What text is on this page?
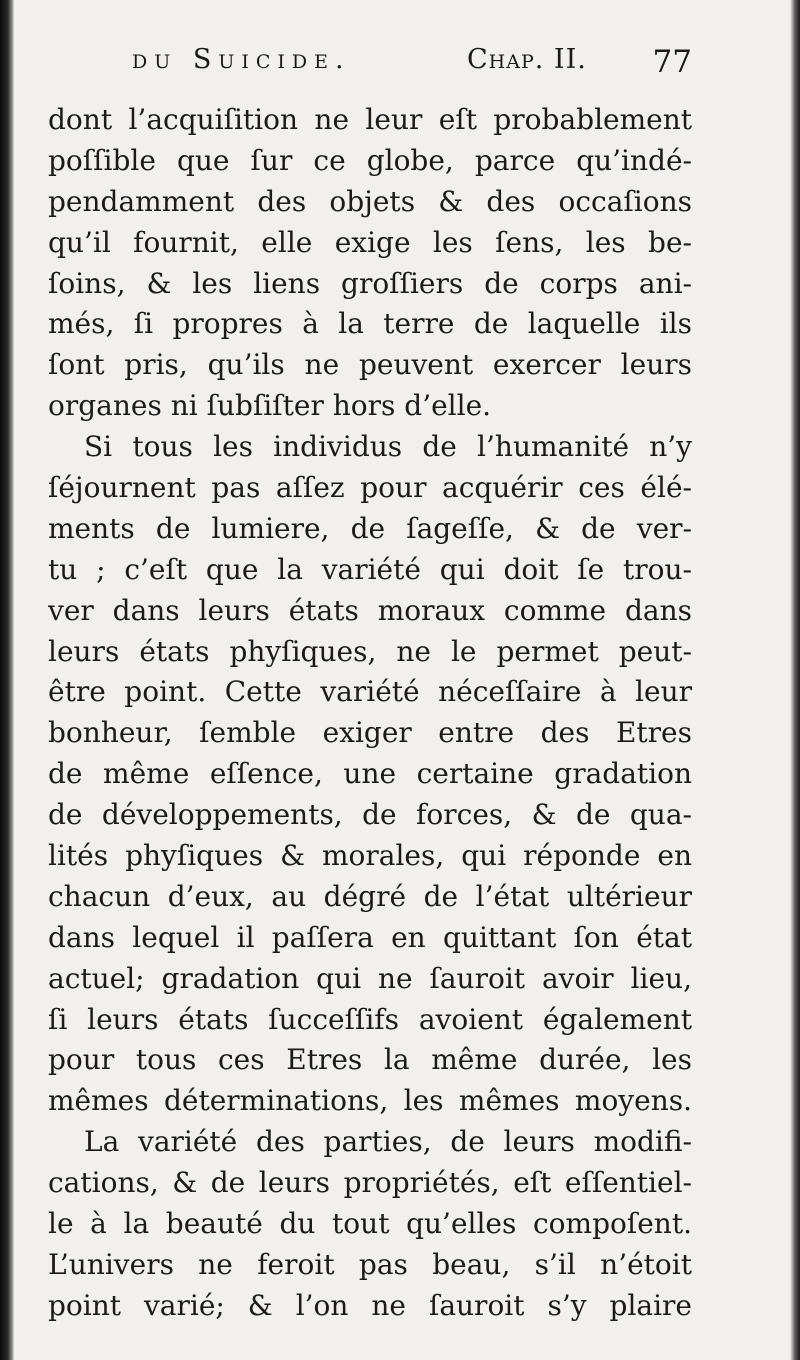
du Suicide.	Chap. II. 77
dont l’acquiſition ne leur eſt probablement
poſſible que ſur ce globe, parce qu’indé-
pendamment des objets & des occaſions
qu’il fournit, elle exige les ſens, les be-
ſoins, & les liens groſſiers de corps ani-
més, ſi propres à la terre de laquelle ils
ſont pris, qu’ils ne peuvent exercer leurs
organes ni ſubſiſter hors d’elle.
Si tous les individus de l’humanité n’y
ſéjournent pas aſſez pour acquérir ces élé-
ments de lumiere, de ſageſſe, & de ver-
tu ; c’eſt que la variété qui doit ſe trou-
ver dans leurs états moraux comme dans
leurs états phyſiques, ne le permet peut-
être point. Cette variété néceſſaire à leur
bonheur, ſemble exiger entre des Etres
de même eſſence, une certaine gradation
de développements, de forces, & de qua-
lités phyſiques & morales, qui réponde en
chacun d’eux, au dégré de l’état ultérieur
dans lequel il paſſera en quittant ſon état
actuel; gradation qui ne ſauroit avoir lieu,
ſi leurs états ſucceſſifs avoient également
pour tous ces Etres la même durée, les
mêmes déterminations, les mêmes moyens.
La variété des parties, de leurs modifi-
cations, & de leurs propriétés, eſt eſſentiel-
le à la beauté du tout qu’elles compoſent.
L’univers ne feroit pas beau, s’il n’étoit
point varié; & l’on ne ſauroit s’y plaire
